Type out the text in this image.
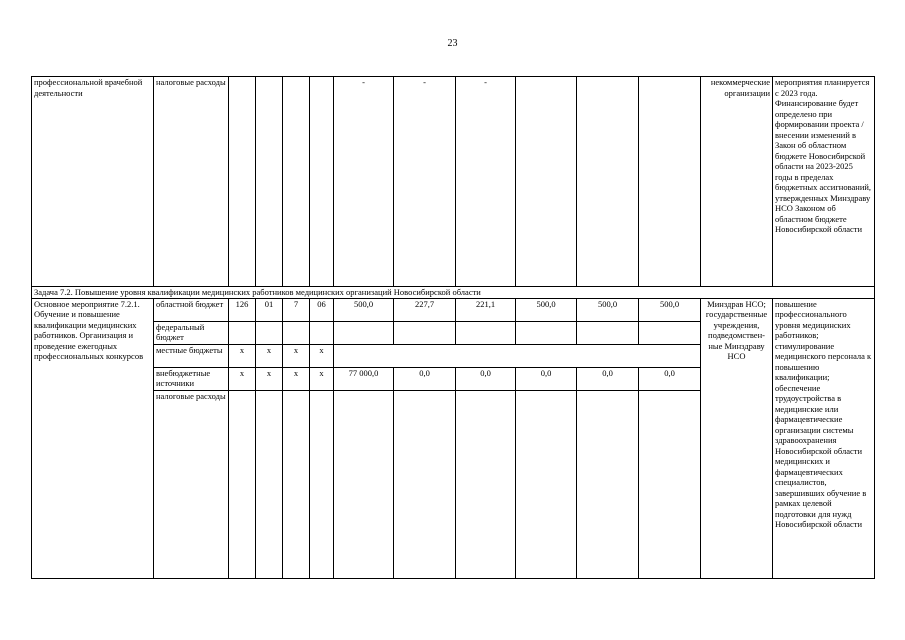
23
профессиональной врачебной деятельности	налоговые расходы					-	-	-				некоммерческие организации	мероприятия планируется с 2023 года. Финансирование будет определено при формировании проекта / внесении изменений в Закон об областном бюджете Новосибирской области на 2023-2025 годы в пределах бюджетных ассигнований, утвержденных Минздраву НСО Законом об областном бюджете Новосибирской области
Задача 7.2. Повышение уровня квалификации медицинских работников медицинских организаций Новосибирской области													
Основное мероприятие 7.2.1. Обучение и повышение квалификации медицинских работников. Организация и проведение ежегодных профессиональных конкурсов	областной бюджет	126	01	7	06	500,0	227,7	221,1	500,0	500,0	500,0	Минздрав НСО; государственные учреждения, подведомствен-ные Минздраву НСО	повышение профессионального уровня медицинских работников; стимулирование медицинского персонала к повышению квалификации; обеспечение трудоустройства в медицинские или фармацевтические организации системы здравоохранения Новосибирской области медицинских и фармацевтических специалистов, завершивших обучение в рамках целевой подготовки для нужд Новосибирской области
	федеральный бюджет												
	местные бюджеты	x	x	x	x								
	внебюджетные источники	x	x	x	x	77 000,0	0,0	0,0	0,0	0,0	0,0		
	налоговые расходы												
